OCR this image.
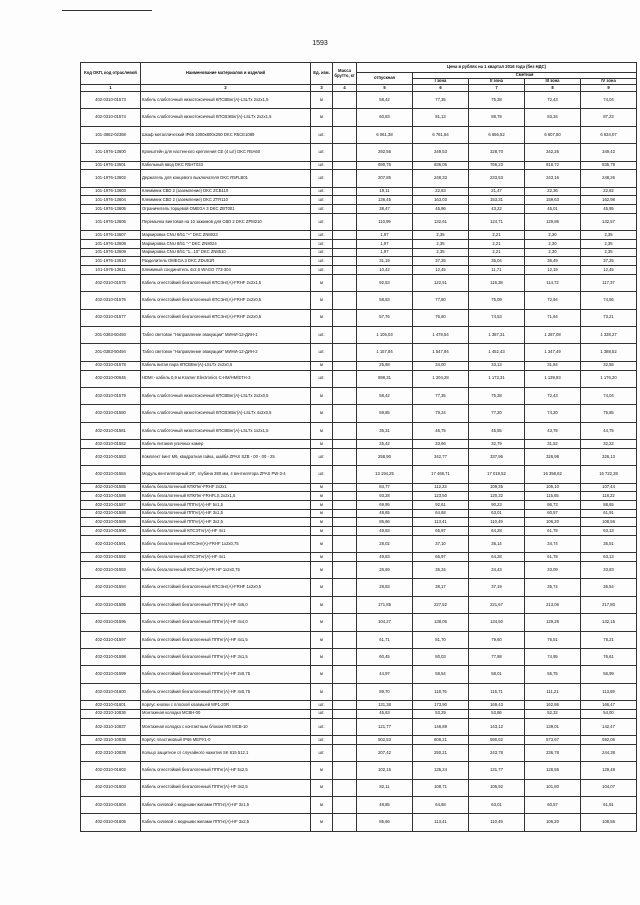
1593
Код ОКП, код отраслевой	Наименование материалов и изделий	Ед. изм.	Масса брутто, кг	Цена в рублях на 1 квартал 2016 года (без НДС)				
				отпускная	Сметная			
					I зона	II зона	III зона	IV зона
1	2	3	4	5	6	7	8	9
402-0310-01573	Кабель слаботочный низкотоксичный КПСВВнг(А)-LSLTx 2x2x1,5	м		58,42	77,35	75,38	72,43	74,04
402-0310-01574	Кабель слаботочный низкотоксичный КПСВЭВнг(А)-LSLTx 2x2x1,5	м		60,83	81,13	88,78	83,34	87,23
101-3862-02368	Шкаф металлический IP65 1000x800x250 DKC R5CE1089	шт.		6 061,38	6 781,84	6 656,52	6 607,50	6 634,07
101-1976-13600	Кронштейн для настенного крепления CE (4 шт) DKC R5A60	шт.		292,56	349,53	328,70	342,26	349,42
101-1976-13601	Кабельный ввод DKC R5HT033	шт.		690,76	836,05	766,23	818,72	835,79
101-1976-13602	Держатель для концевого выключателя DKC R5FLB01	шт.		207,85	248,33	233,53	243,16	248,26
101-1976-13603	Клеммник CBD 2 (заземление) DKC ZCB110	шт.		19,11	22,83	21,47	22,36	22,82
101-1976-13604	Клеммник CBD 2 (заземление) DKC ZTR110	шт.		136,45	163,03	153,31	159,63	162,98
101-1976-13605	Ограничитель торцевой OMEGA 3 DKC ZBT001	шт.		38,47	45,96	43,22	45,01	45,95
101-1976-13606	Перемычка винтовая на 10 зажимов для CBD 2 DKC ZPM210	шт.		110,99	132,61	124,71	129,86	132,57
101-1976-13607	Маркировка CNU 8/51 "+" DKC ZN8023	шт.		1,97	2,35	2,21	2,30	2,35
101-1976-13608	Маркировка CNU 8/51 "-" DKC ZN8024	шт.		1,97	2,35	2,21	2,30	2,35
101-1976-13609	Маркировка CNU 8/51 "1...10" DKC ZN8510	шт.		1,97	2,35	2,21	2,30	2,35
101-1976-13610	Разделитель OMEGA 3 DKC ZDU61R	шт.		31,19	37,26	35,04	36,49	37,25
101-1976-13611	Клеммный соединитель 4x2,5 WAGO 773-304	шт.		10,42	12,45	11,71	12,19	12,45
402-0310-01575	Кабель огнестойкий безгалогенный КПСЭнг(А)-FRHF 2x2x1,5	м		92,53	122,51	116,38	114,72	117,37
402-0310-01576	Кабель огнестойкий безгалогенный КПСЭнг(А)-FRHF 2x2x0,5	м		58,83	77,80	75,09	72,94	74,56
402-0310-01577	Кабель огнестойкий безгалогенный КПСЭнг(А)-FRHF 2x2x0,5	м		57,76	76,60	74,53	71,64	73,21
201-0383-50493	Табло световое "Направление эвакуации" МИНИ-12-ДИН-1	шт.		1 105,03	1 478,54	1 387,31	1 287,08	1 338,27
201-0383-50494	Табло световое "Направление эвакуации" МИНИ-12-ДИН-2	шт.		1 157,84	1 547,94	1 452,43	1 347,49	1 388,52
402-0310-01578	Кабель витая пара КПСВВнг(А)-LSLTx 2x2x0,5	м		25,68	34,00	33,13	31,84	32,55
402-0310-00645	HDMI - кабель 0,9 м Kramer Electronics C-HM/HM/ETH-3	шт.		898,31	1 204,28	1 173,31	1 139,93	1 176,20
402-0310-01579	Кабель слаботочный низкотоксичный КПСВВнг(А)-LSLTx 2x2x0,5	м		58,42	77,35	75,38	72,43	74,04
402-0310-01580	Кабель слаботочный низкотоксичный КПСВЭВнг(А)-LSLTx 4x2x0,5	м		59,85	79,24	77,20	74,20	75,85
402-0310-01581	Кабель слаботочный низкотоксичный КПСВВнг(А)-LSLTx 1x2x1,5	м		35,31	46,75	45,55	43,78	44,75
402-0310-01582	Кабель питания уличных камер	м		25,42	33,66	32,79	31,52	32,22
402-0310-01583	Комплект винт М6, квадратная гайка, шайба ZPAS SZB - 00 - 00 - 25	шт.		258,90	342,77	337,96	326,98	326,13
402-0310-01584	Модуль вентиляторный 19", глубина 380 мм, 4 вентилятора ZPAS PW-3-4	шт.		13 194,25	17 468,71	17 019,52	16 358,62	16 722,38
402-0310-01585	Кабель безгалогенный КПКПнг-FRHF 2x2x1	м		84,77	112,23	109,35	105,10	107,44
402-0310-01586	Кабель безгалогенный КПКПнг-FRHFLS 2x2x1,5	м		93,28	123,50	120,32	115,65	118,22
402-0310-01587	Кабель безгалогенный ППГнг(А)-HF 5x1,5	м		69,95	92,61	90,23	86,73	88,65
402-0310-01588	Кабель безгалогенный ППГнг(А)-HF 3x1,5	м		48,65	64,68	63,01	60,57	61,91
402-0310-01589	Кабель безгалогенный ППГнг(А)-HF 3x2,5	м		85,66	113,41	110,49	106,20	108,56
402-0310-01590	Кабель безгалогенный КПСЭТнг(А)-HF 4x1	м		49,83	65,97	64,28	61,78	63,13
402-0310-01591	Кабель безгалогенный КПСЭнг(А)-FRHF 1x2x0,75	м		28,02	37,10	36,14	34,74	35,51
402-0310-01592	Кабель безгалогенный КПСЭТнг(А)-HF 4x1	м		49,83	65,97	64,28	61,78	63,13
402-0310-01593	Кабель безгалогенный КПСЭнг(А)-FR HF 1x2x0,75	м		26,69	35,34	34,43	33,09	33,83
402-0310-01594	Кабель огнестойкий безгалогенный КПСЭнг(А)-FRHF 1x2x0,5	м		28,83	38,17	37,19	35,74	36,54
402-0310-01595	Кабель огнестойкий безгалогенный ППГнг(А)-HF 4x6,0	м		171,85	227,52	221,67	213,06	217,80
402-0310-01596	Кабель огнестойкий безгалогенный ППГнг(А)-HF 4x4,0	м		104,27	138,05	134,50	129,28	132,15
402-0310-01597	Кабель огнестойкий безгалогенный ППГнг(А)-HF 4x1,5	м		61,71	81,70	79,60	76,51	78,21
402-0310-01598	Кабель огнестойкий безгалогенный ППГнг(А)-HF 3x1,5	м		60,45	80,03	77,98	74,95	76,61
402-0310-01599	Кабель огнестойкий безгалогенный ППГнг(А)-HF 2x0,75	м		44,97	59,54	58,01	55,75	56,99
402-0310-01600	Кабель огнестойкий безгалогенный ППГнг(А)-HF 4x0,75	м		89,70	118,76	115,71	111,21	113,69
402-0310-01601	Корпус кнопки с плоской клавишей МР1-20R	шт.		131,38	173,90	169,43	162,86	166,47
402-3310-10836	Монтажная колодка MCBH-00	шт.		45,63	53,29	53,86	52,32	54,00
402-3310-10837	Монтажная колодка с контактным блоком МО МСВ-10	шт.		121,77	146,89	143,12	139,01	142,47
402-3310-10838	Корпус пластиковый IP66 МЕРУ1-0	шт.		502,53	608,21	590,62	573,67	592,06
402-3310-10839	Кольцо защитное от случайного нажатия SK 615 512.1	шт.		207,42	250,21	243,78	236,78	244,38
402-0310-01602	Кабель огнестойкий безгалогенный ППГнг(А)-HF 5x2,5	м		102,15	135,24	131,77	126,55	129,48
402-0310-01603	Кабель огнестойкий безгалогенный ППГнг(А)-HF 3x2,5	м		82,11	108,71	105,92	101,80	104,07
402-0310-01604	Кабель силовой с медными жилами ППГнг(А)-HF 3x1,5	м		48,85	64,68	63,01	60,57	61,91
402-0310-01605	Кабель силовой с медными жилами ППГнг(А)-HF 3x2,5	м		85,66	113,41	110,49	106,20	108,56
